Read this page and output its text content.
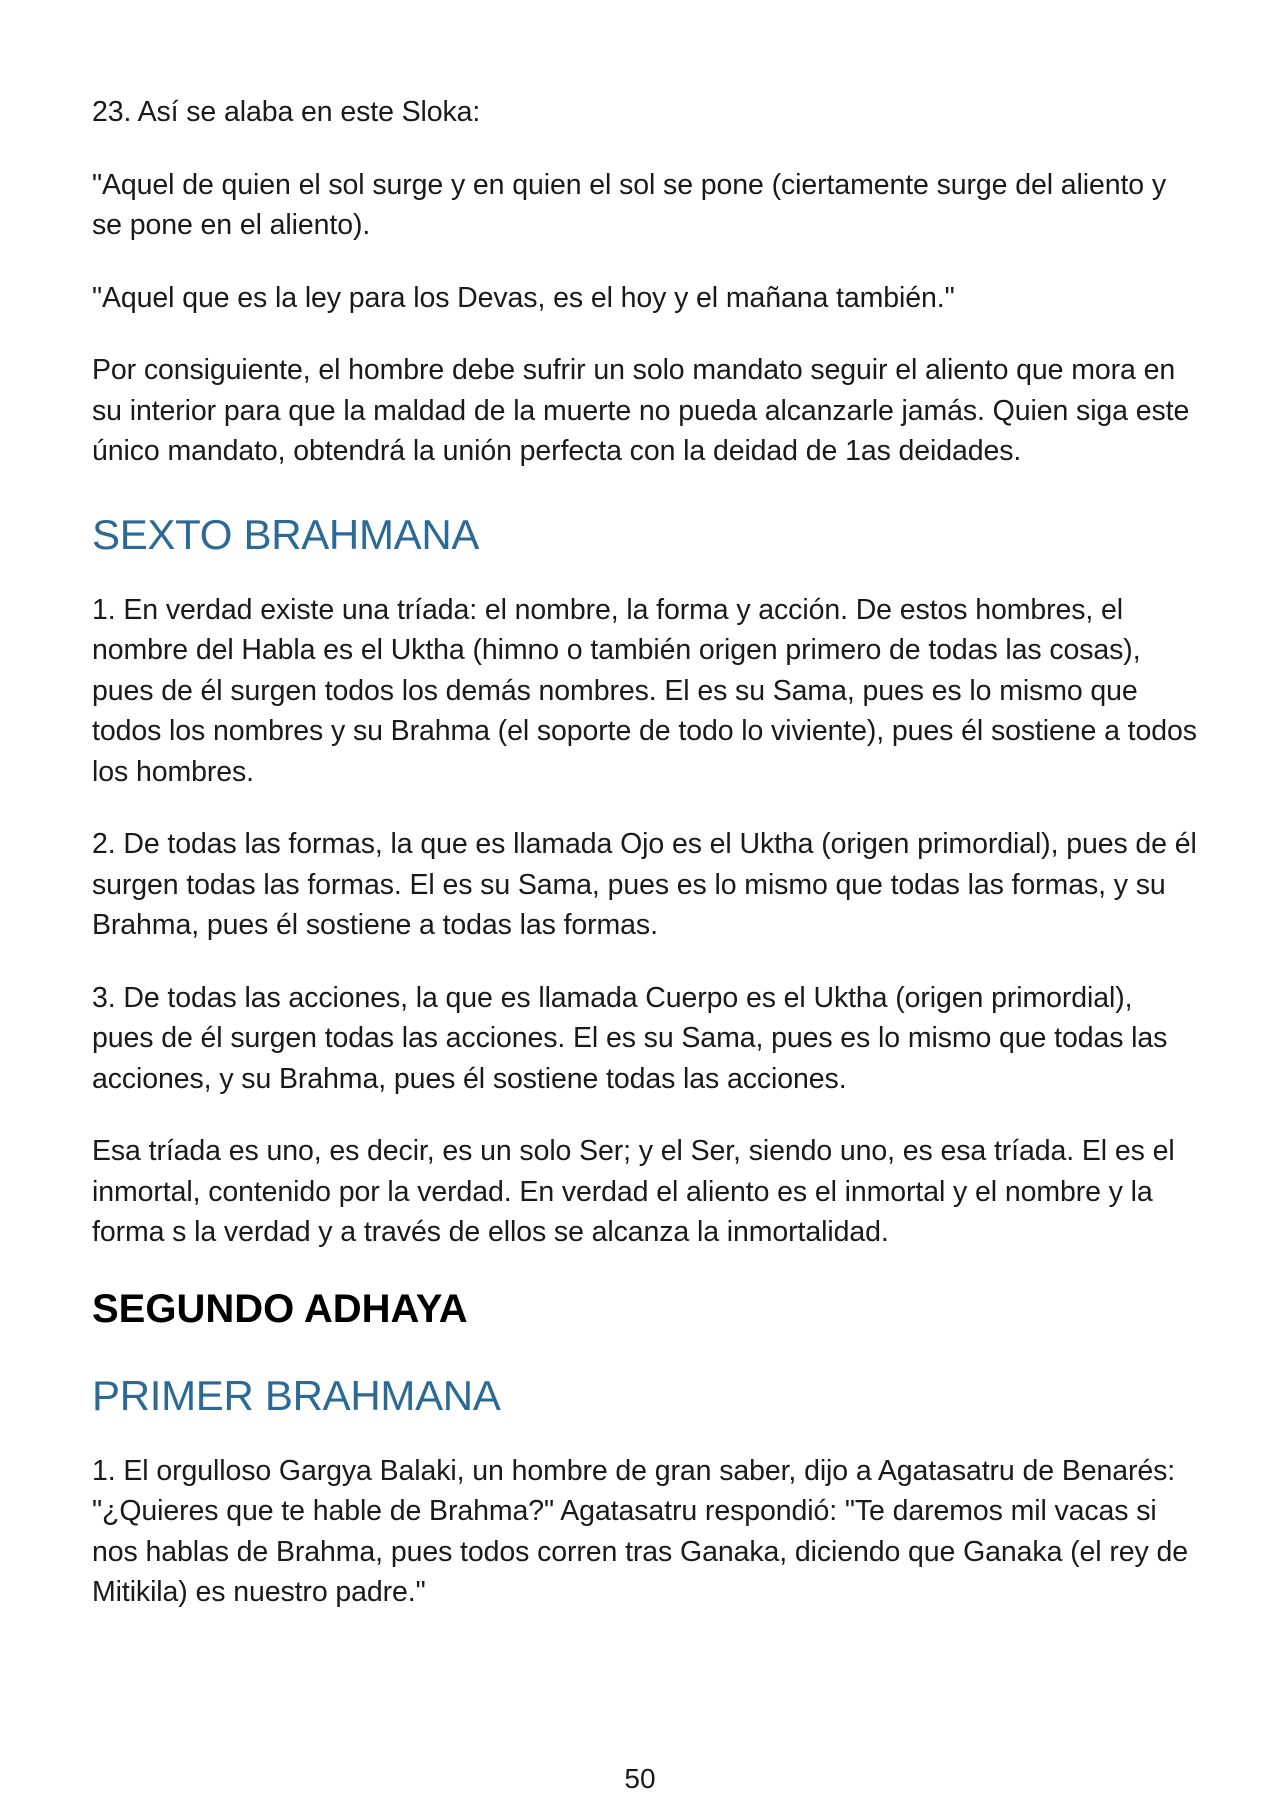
23. Así se alaba en este Sloka:

"Aquel de quien el sol surge y en quien el sol se pone (ciertamente surge del aliento y se pone en el aliento).

"Aquel que es la ley para los Devas, es el hoy y el mañana también."

Por consiguiente, el hombre debe sufrir un solo mandato seguir el aliento que mora en su interior para que la maldad de la muerte no pueda alcanzarle jamás. Quien siga este único mandato, obtendrá la unión perfecta con la deidad de 1as deidades.

SEXTO BRAHMANA

1. En verdad existe una tríada: el nombre, la forma y acción. De estos hombres, el nombre del Habla es el Uktha (himno o también origen primero de todas las cosas), pues de él surgen todos los demás nombres. El es su Sama, pues es lo mismo que todos los nombres y su Brahma (el soporte de todo lo viviente), pues él sostiene a todos los hombres.

2. De todas las formas, la que es llamada Ojo es el Uktha (origen primordial), pues de él surgen todas las formas. El es su Sama, pues es lo mismo que todas las formas, y su Brahma, pues él sostiene a todas las formas.

3. De todas las acciones, la que es llamada Cuerpo es el Uktha (origen primordial), pues de él surgen todas las acciones. El es su Sama, pues es lo mismo que todas las acciones, y su Brahma, pues él sostiene todas las acciones.

Esa tríada es uno, es decir, es un solo Ser; y el Ser, siendo uno, es esa tríada. El es el inmortal, contenido por la verdad. En verdad el aliento es el inmortal y el nombre y la forma s la verdad y a través de ellos se alcanza la inmortalidad.

SEGUNDO ADHAYA
PRIMER BRAHMANA

1. El orgulloso Gargya Balaki, un hombre de gran saber, dijo a Agatasatru de Benarés: "¿Quieres que te hable de Brahma?" Agatasatru respondió: "Te daremos mil vacas si nos hablas de Brahma, pues todos corren tras Ganaka, diciendo que Ganaka (el rey de Mitikila) es nuestro padre."

50
